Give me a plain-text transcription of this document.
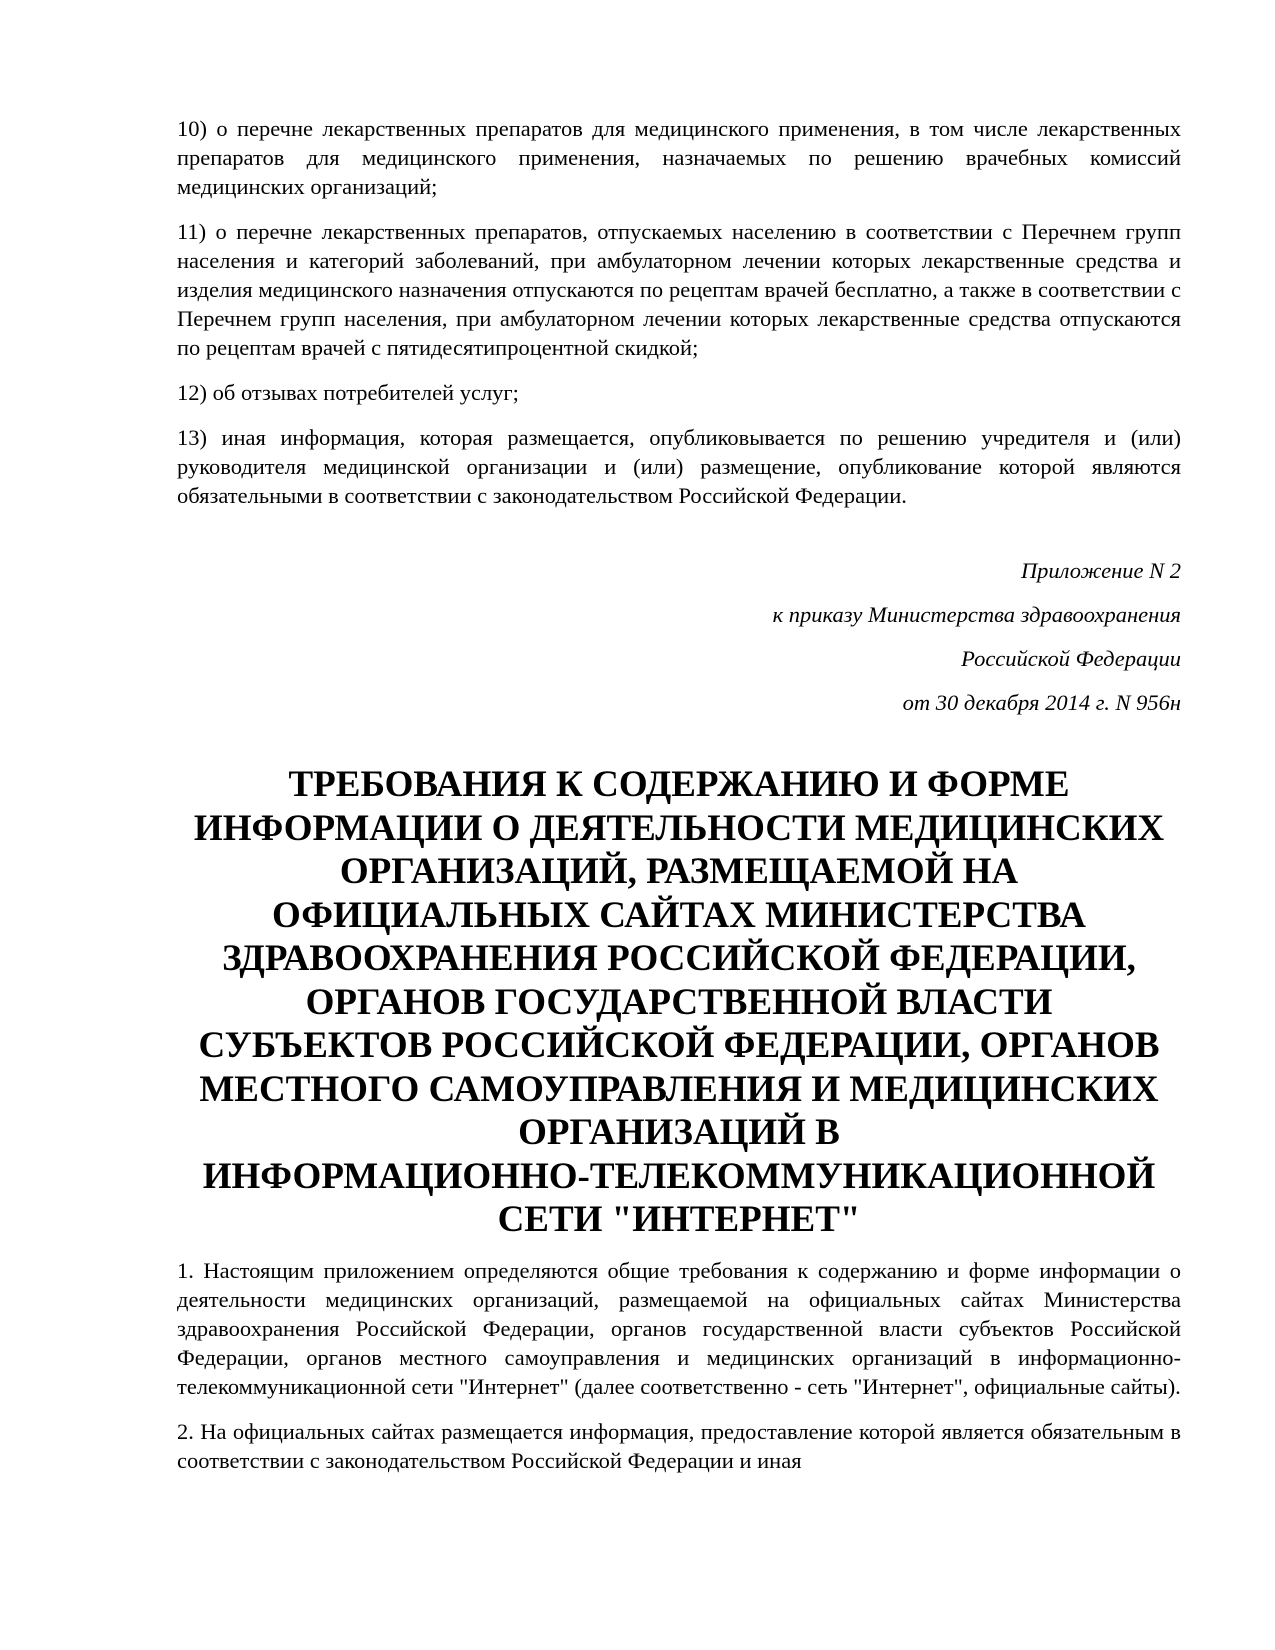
10) о перечне лекарственных препаратов для медицинского применения, в том числе лекарственных препаратов для медицинского применения, назначаемых по решению врачебных комиссий медицинских организаций;

11) о перечне лекарственных препаратов, отпускаемых населению в соответствии с Перечнем групп населения и категорий заболеваний, при амбулаторном лечении которых лекарственные средства и изделия медицинского назначения отпускаются по рецептам врачей бесплатно, а также в соответствии с Перечнем групп населения, при амбулаторном лечении которых лекарственные средства отпускаются по рецептам врачей с пятидесятипроцентной скидкой;

12) об отзывах потребителей услуг;

13) иная информация, которая размещается, опубликовывается по решению учредителя и (или) руководителя медицинской организации и (или) размещение, опубликование которой являются обязательными в соответствии с законодательством Российской Федерации.

Приложение N 2
к приказу Министерства здравоохранения
Российской Федерации
от 30 декабря 2014 г. N 956н
ТРЕБОВАНИЯ К СОДЕРЖАНИЮ И ФОРМЕ
ИНФОРМАЦИИ О ДЕЯТЕЛЬНОСТИ МЕДИЦИНСКИХ
ОРГАНИЗАЦИЙ, РАЗМЕЩАЕМОЙ НА
ОФИЦИАЛЬНЫХ САЙТАХ МИНИСТЕРСТВА
ЗДРАВООХРАНЕНИЯ РОССИЙСКОЙ ФЕДЕРАЦИИ,
ОРГАНОВ ГОСУДАРСТВЕННОЙ ВЛАСТИ
СУБЪЕКТОВ РОССИЙСКОЙ ФЕДЕРАЦИИ, ОРГАНОВ
МЕСТНОГО САМОУПРАВЛЕНИЯ И МЕДИЦИНСКИХ
ОРГАНИЗАЦИЙ В
ИНФОРМАЦИОННО-ТЕЛЕКОММУНИКАЦИОННОЙ
СЕТИ "ИНТЕРНЕТ"

1. Настоящим приложением определяются общие требования к содержанию и форме информации о деятельности медицинских организаций, размещаемой на официальных сайтах Министерства здравоохранения Российской Федерации, органов государственной власти субъектов Российской Федерации, органов местного самоуправления и медицинских организаций в информационно-телекоммуникационной сети "Интернет" (далее соответственно - сеть "Интернет", официальные сайты).

2. На официальных сайтах размещается информация, предоставление которой является обязательным в соответствии с законодательством Российской Федерации и иная
